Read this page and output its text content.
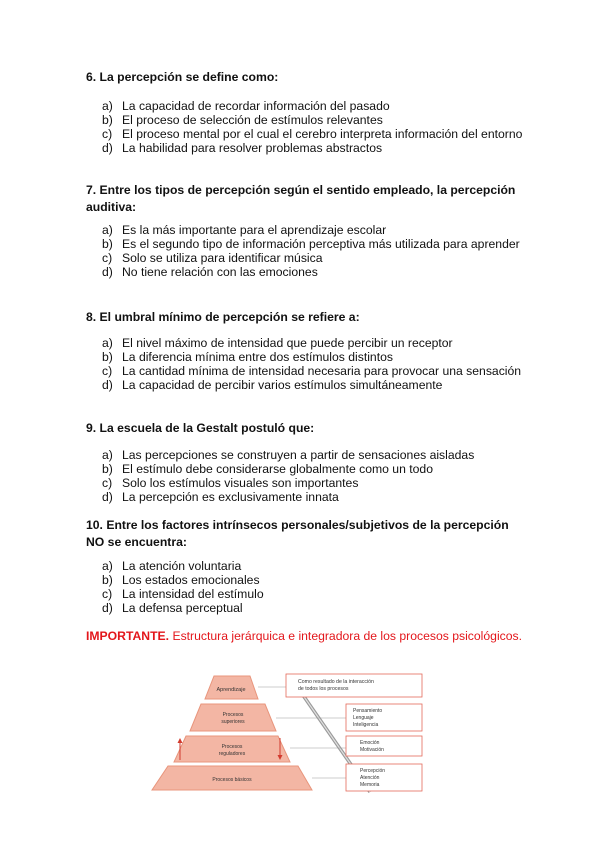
6. La percepción se define como:
a) La capacidad de recordar información del pasado
b) El proceso de selección de estímulos relevantes
c) El proceso mental por el cual el cerebro interpreta información del entorno
d) La habilidad para resolver problemas abstractos
7. Entre los tipos de percepción según el sentido empleado, la percepción auditiva:
a) Es la más importante para el aprendizaje escolar
b) Es el segundo tipo de información perceptiva más utilizada para aprender
c) Solo se utiliza para identificar música
d) No tiene relación con las emociones
8. El umbral mínimo de percepción se refiere a:
a) El nivel máximo de intensidad que puede percibir un receptor
b) La diferencia mínima entre dos estímulos distintos
c) La cantidad mínima de intensidad necesaria para provocar una sensación
d) La capacidad de percibir varios estímulos simultáneamente
9. La escuela de la Gestalt postuló que:
a) Las percepciones se construyen a partir de sensaciones aisladas
b) El estímulo debe considerarse globalmente como un todo
c) Solo los estímulos visuales son importantes
d) La percepción es exclusivamente innata
10. Entre los factores intrínsecos personales/subjetivos de la percepción NO se encuentra:
a) La atención voluntaria
b) Los estados emocionales
c) La intensidad del estímulo
d) La defensa perceptual
IMPORTANTE. Estructura jerárquica e integradora de los procesos psicológicos.
Aprendizaje
Procesos
superiores
Procesos
reguladores
Procesos básicos
Como resultado de la interacción
de todos los procesos
Pensamiento
Lenguaje
Inteligencia
Emoción
Motivación
Percepción
Atención
Memoria
